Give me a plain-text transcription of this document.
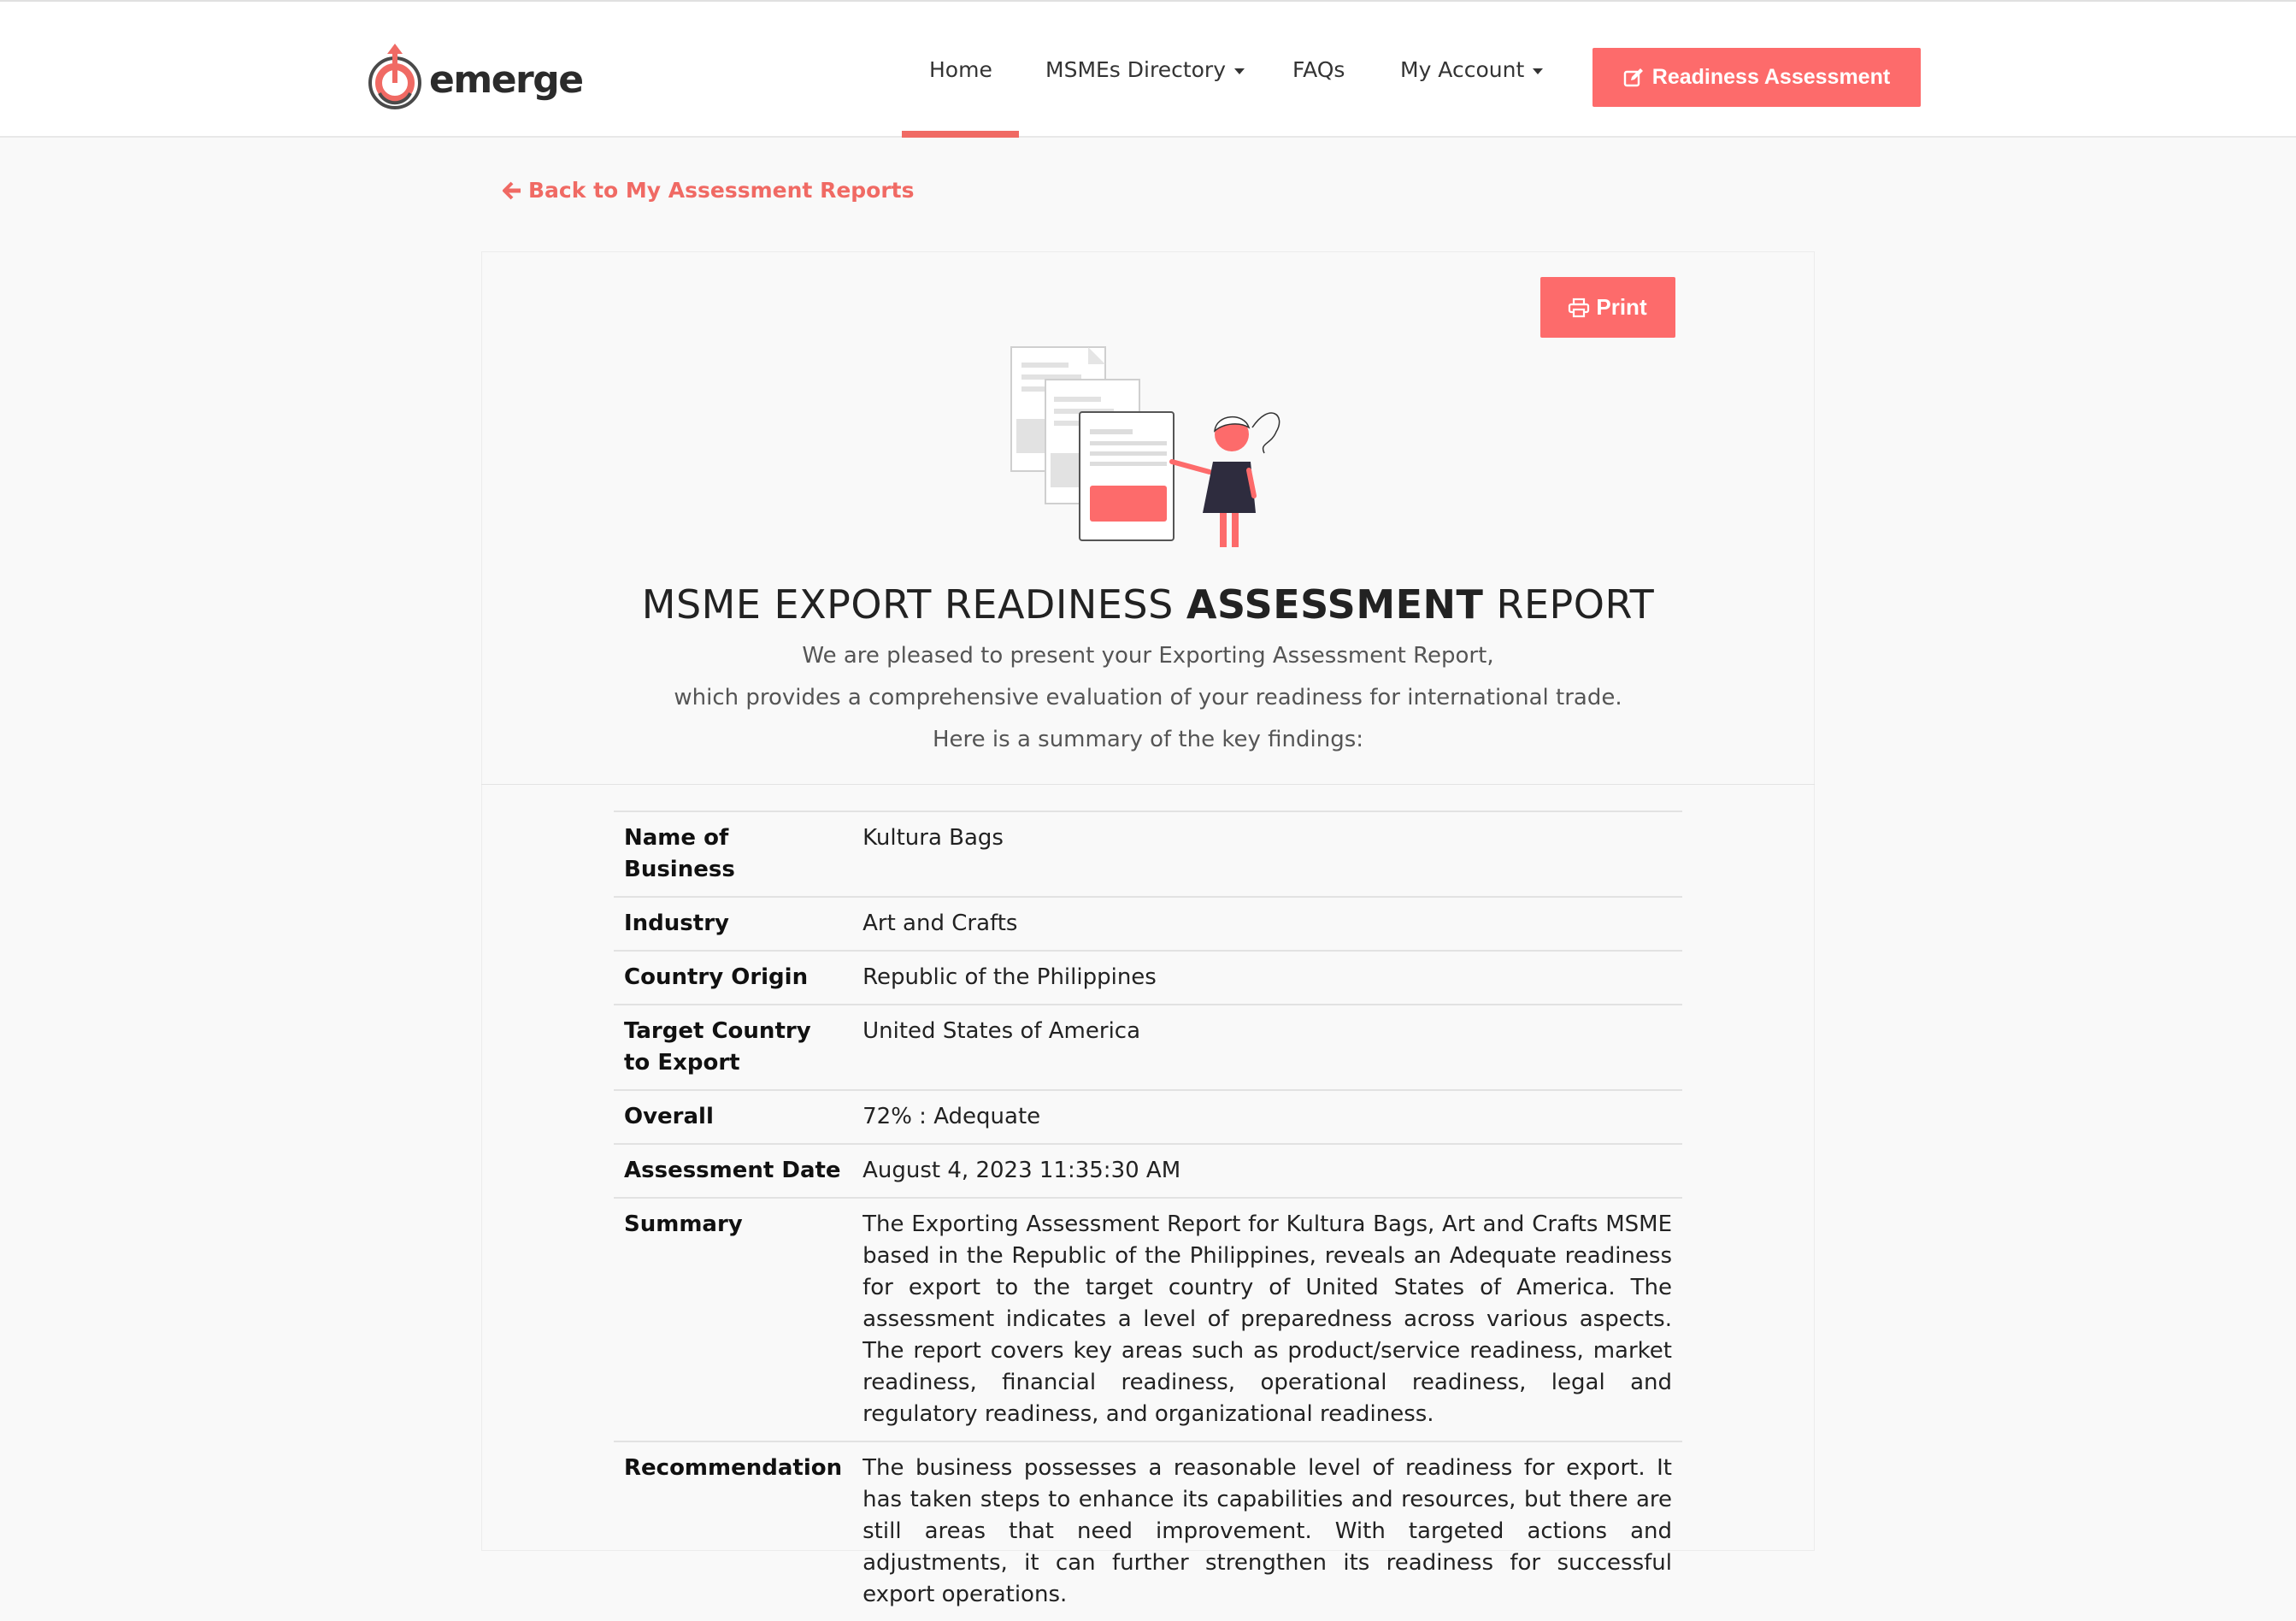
emerge	Home MSMEs Directory	FAQs	My Account	Readiness Assessment
Back to My Assessment Reports
Print
MSME EXPORT READINESS ASSESSMENT REPORT
We are pleased to present your Exporting Assessment Report,
which provides a comprehensive evaluation of your readiness for international trade.
Here is a summary of the key findings:
Name of Business	Kultura Bags
Industry	Art and Crafts
Country Origin	Republic of the Philippines
Target Country to Export	United States of America
Overall	72% : Adequate
Assessment Date	August 4, 2023 11:35:30 AM
Summary	The Exporting Assessment Report for Kultura Bags, Art and Crafts MSME based in the Republic of the Philippines, reveals an Adequate readiness for export to the target country of United States of America. The assessment indicates a level of preparedness across various aspects. The report covers key areas such as product/service readiness, market readiness, financial readiness, operational readiness, legal and regulatory readiness, and organizational readiness.
Recommendation	The business possesses a reasonable level of readiness for export. It has taken steps to enhance its capabilities and resources, but there are still areas that need improvement. With targeted actions and adjustments, it can further strengthen its readiness for successful export operations.
